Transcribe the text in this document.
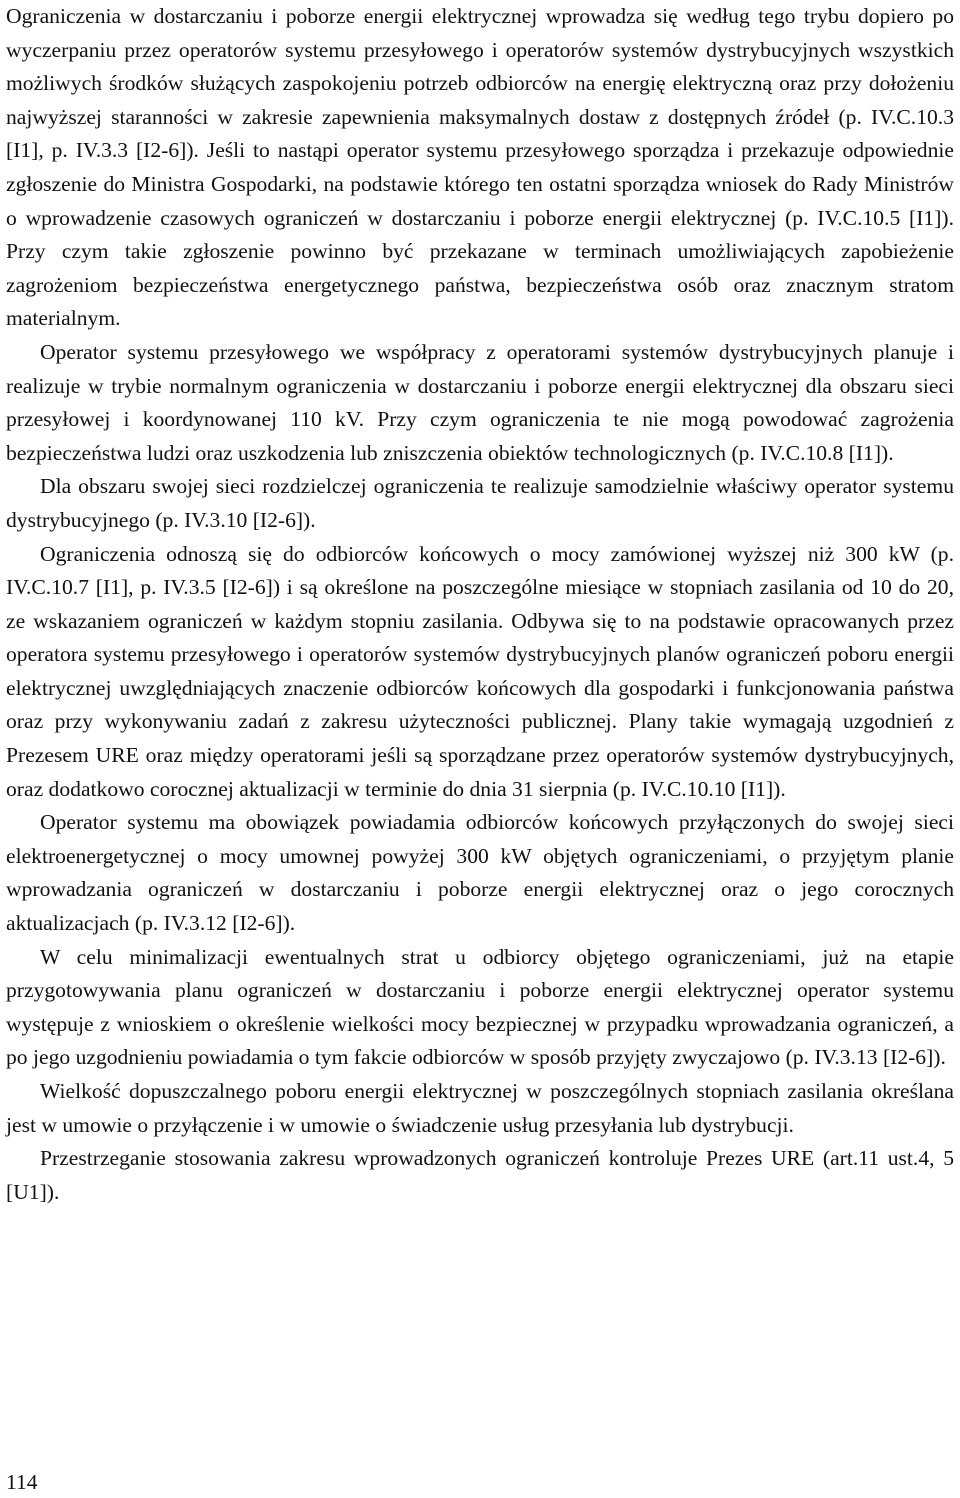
Ograniczenia w dostarczaniu i poborze energii elektrycznej wprowadza się według tego trybu dopiero po wyczerpaniu przez operatorów systemu przesyłowego i operatorów systemów dystrybucyjnych wszystkich możliwych środków służących zaspokojeniu potrzeb odbiorców na energię elektryczną oraz przy dołożeniu najwyższej staranności w zakresie zapewnienia maksymalnych dostaw z dostępnych źródeł (p. IV.C.10.3 [I1], p. IV.3.3 [I2-6]). Jeśli to nastąpi operator systemu przesyłowego sporządza i przekazuje odpowiednie zgłoszenie do Ministra Gospodarki, na podstawie którego ten ostatni sporządza wniosek do Rady Ministrów o wprowadzenie czasowych ograniczeń w dostarczaniu i poborze energii elektrycznej (p. IV.C.10.5 [I1]). Przy czym takie zgłoszenie powinno być przekazane w terminach umożliwiających zapobieżenie zagrożeniom bezpieczeństwa energetycznego państwa, bezpieczeństwa osób oraz znacznym stratom materialnym.

Operator systemu przesyłowego we współpracy z operatorami systemów dystrybucyjnych planuje i realizuje w trybie normalnym ograniczenia w dostarczaniu i poborze energii elektrycznej dla obszaru sieci przesyłowej i koordynowanej 110 kV. Przy czym ograniczenia te nie mogą powodować zagrożenia bezpieczeństwa ludzi oraz uszkodzenia lub zniszczenia obiektów technologicznych (p. IV.C.10.8 [I1]).

Dla obszaru swojej sieci rozdzielczej ograniczenia te realizuje samodzielnie właściwy operator systemu dystrybucyjnego (p. IV.3.10 [I2-6]).

Ograniczenia odnoszą się do odbiorców końcowych o mocy zamówionej wyższej niż 300 kW (p. IV.C.10.7 [I1], p. IV.3.5 [I2-6]) i są określone na poszczególne miesiące w stopniach zasilania od 10 do 20, ze wskazaniem ograniczeń w każdym stopniu zasilania. Odbywa się to na podstawie opracowanych przez operatora systemu przesyłowego i operatorów systemów dystrybucyjnych planów ograniczeń poboru energii elektrycznej uwzględniających znaczenie odbiorców końcowych dla gospodarki i funkcjonowania państwa oraz przy wykonywaniu zadań z zakresu użyteczności publicznej. Plany takie wymagają uzgodnień z Prezesem URE oraz między operatorami jeśli są sporządzane przez operatorów systemów dystrybucyjnych, oraz dodatkowo corocznej aktualizacji w terminie do dnia 31 sierpnia (p. IV.C.10.10 [I1]).

Operator systemu ma obowiązek powiadamia odbiorców końcowych przyłączonych do swojej sieci elektroenergetycznej o mocy umownej powyżej 300 kW objętych ograniczeniami, o przyjętym planie wprowadzania ograniczeń w dostarczaniu i poborze energii elektrycznej oraz o jego corocznych aktualizacjach (p. IV.3.12 [I2-6]).

W celu minimalizacji ewentualnych strat u odbiorcy objętego ograniczeniami, już na etapie przygotowywania planu ograniczeń w dostarczaniu i poborze energii elektrycznej operator systemu występuje z wnioskiem o określenie wielkości mocy bezpiecznej w przypadku wprowadzania ograniczeń, a po jego uzgodnieniu powiadamia o tym fakcie odbiorców w sposób przyjęty zwyczajowo (p. IV.3.13 [I2-6]).

Wielkość dopuszczalnego poboru energii elektrycznej w poszczególnych stopniach zasilania określana jest w umowie o przyłączenie i w umowie o świadczenie usług przesyłania lub dystrybucji.

Przestrzeganie stosowania zakresu wprowadzonych ograniczeń kontroluje Prezes URE (art.11 ust.4, 5 [U1]).

114
